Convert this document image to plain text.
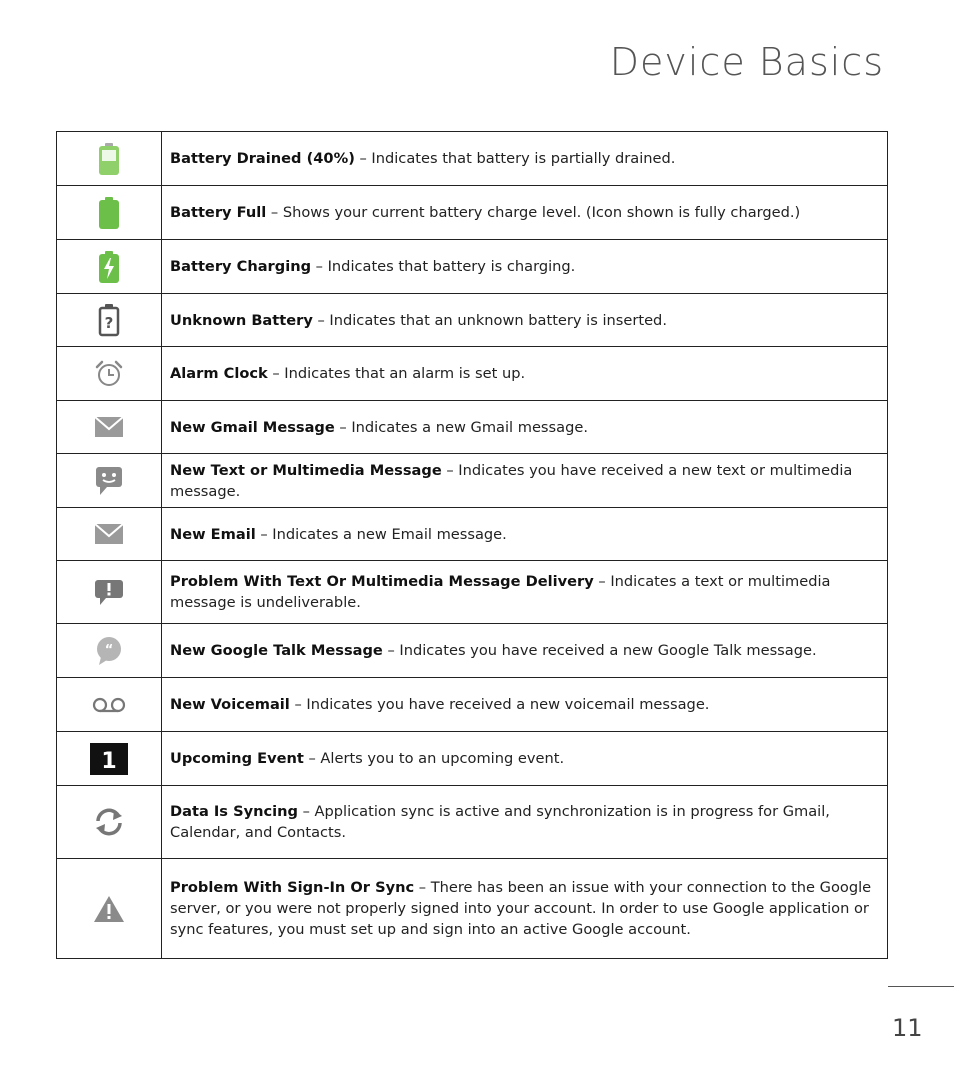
Device Basics
	Battery Drained (40%) – Indicates that battery is partially drained.

	Battery Full – Shows your current battery charge level. (Icon shown is fully charged.)

	Battery Charging – Indicates that battery is charging.

?	Unknown Battery – Indicates that an unknown battery is inserted.

	Alarm Clock – Indicates that an alarm is set up.

	New Gmail Message – Indicates a new Gmail message.

	New Text or Multimedia Message – Indicates you have received a new text or multimedia message.

	New Email – Indicates a new Email message.

	Problem With Text Or Multimedia Message Delivery – Indicates a text or multimedia message is undeliverable.

“	New Google Talk Message – Indicates you have received a new Google Talk message.

	New Voicemail – Indicates you have received a new voicemail message.

1	Upcoming Event – Alerts you to an upcoming event.

	Data Is Syncing – Application sync is active and synchronization is in progress for Gmail, Calendar, and Contacts.

	Problem With Sign-In Or Sync – There has been an issue with your connection to the Google server, or you were not properly signed into your account. In order to use Google application or sync features, you must set up and sign into an active Google account.
11
